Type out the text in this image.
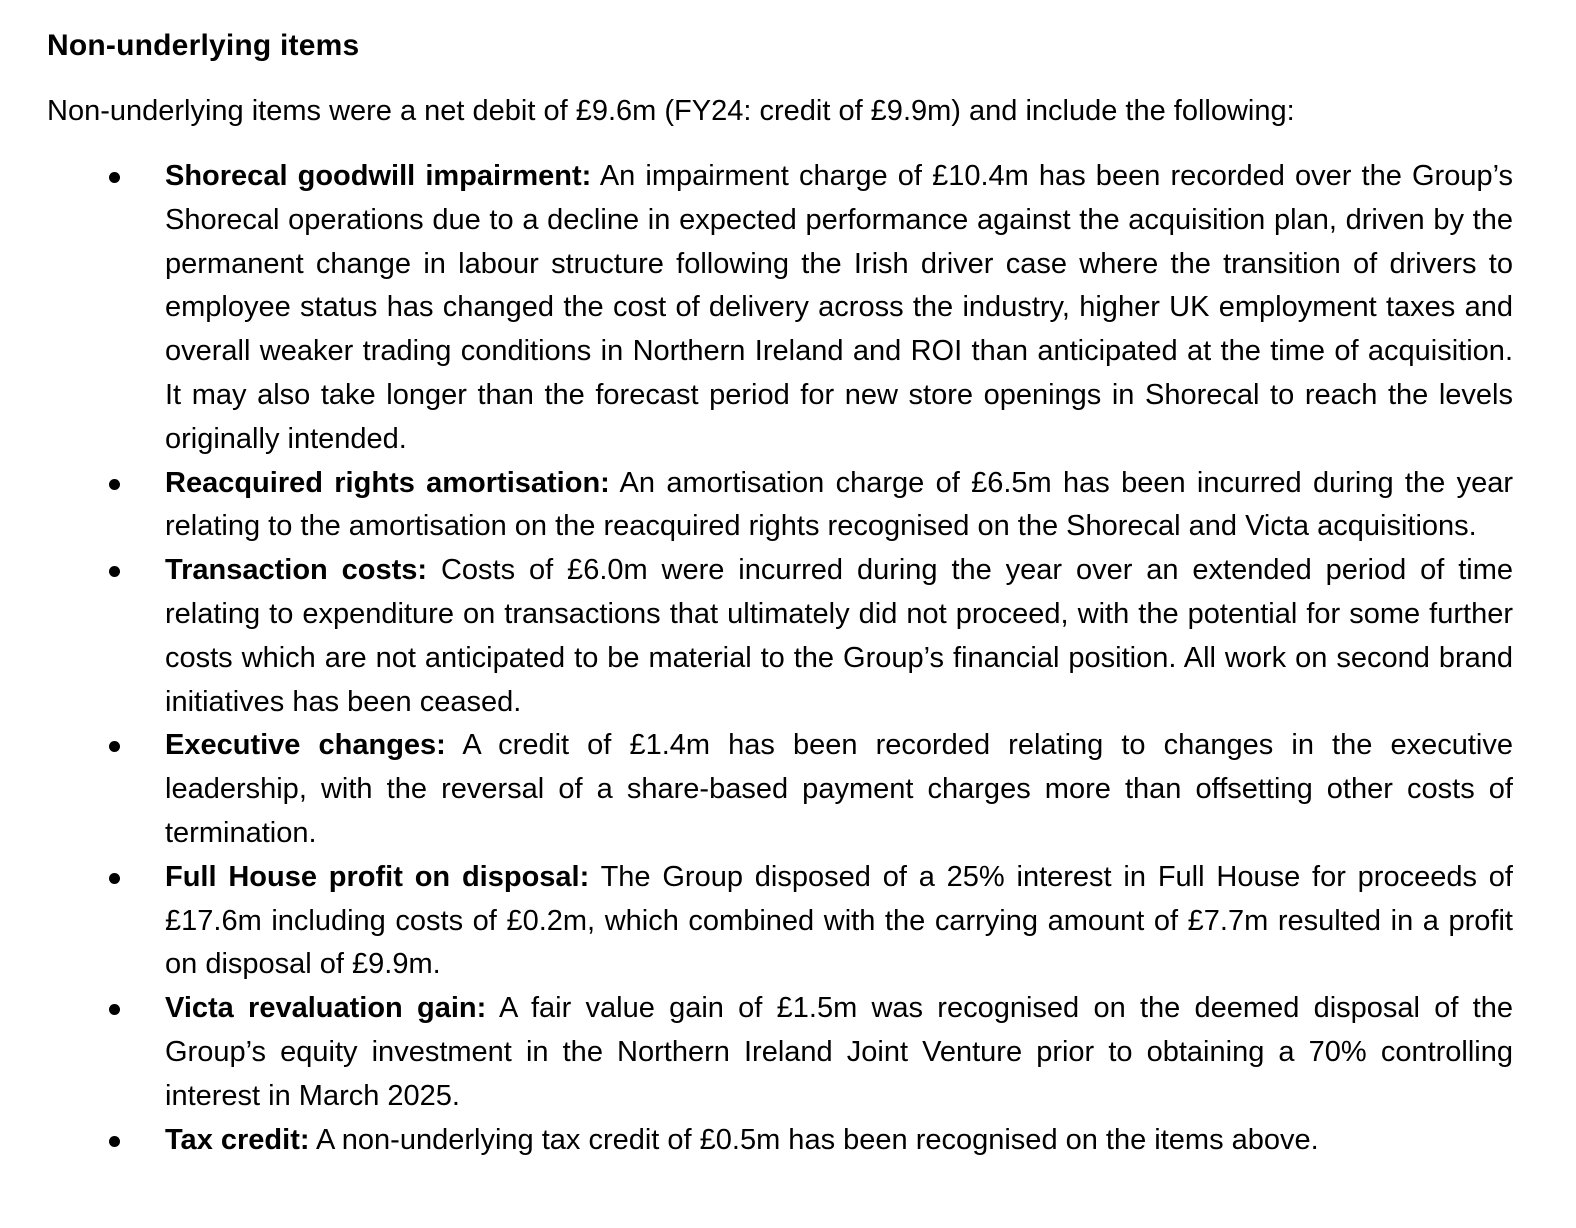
Non-underlying items

Non-underlying items were a net debit of £9.6m (FY24: credit of £9.9m) and include the following:

Shorecal goodwill impairment: An impairment charge of £10.4m has been recorded over the Group’s Shorecal operations due to a decline in expected performance against the acquisition plan, driven by the permanent change in labour structure following the Irish driver case where the transition of drivers to employee status has changed the cost of delivery across the industry, higher UK employment taxes and overall weaker trading conditions in Northern Ireland and ROI than anticipated at the time of acquisition. It may also take longer than the forecast period for new store openings in Shorecal to reach the levels originally intended.
Reacquired rights amortisation: An amortisation charge of £6.5m has been incurred during the year relating to the amortisation on the reacquired rights recognised on the Shorecal and Victa acquisitions.
Transaction costs: Costs of £6.0m were incurred during the year over an extended period of time relating to expenditure on transactions that ultimately did not proceed, with the potential for some further costs which are not anticipated to be material to the Group’s financial position. All work on second brand initiatives has been ceased.
Executive changes: A credit of £1.4m has been recorded relating to changes in the executive leadership, with the reversal of a share-based payment charges more than offsetting other costs of termination.
Full House profit on disposal: The Group disposed of a 25% interest in Full House for proceeds of £17.6m including costs of £0.2m, which combined with the carrying amount of £7.7m resulted in a profit on disposal of £9.9m.
Victa revaluation gain: A fair value gain of £1.5m was recognised on the deemed disposal of the Group’s equity investment in the Northern Ireland Joint Venture prior to obtaining a 70% controlling interest in March 2025.
Tax credit: A non-underlying tax credit of £0.5m has been recognised on the items above.
